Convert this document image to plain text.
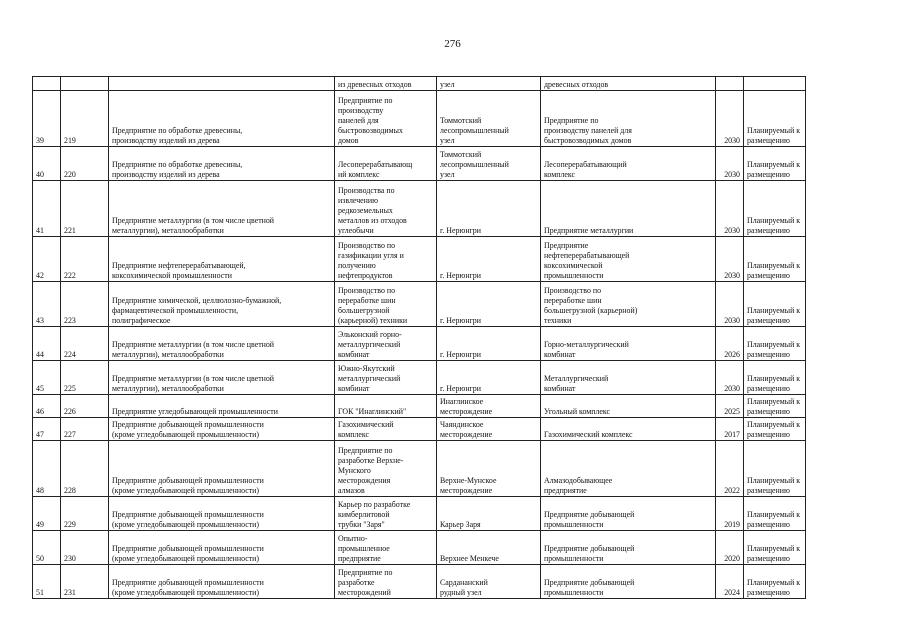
276
			из древесных отходов	узел	древесных отходов		
39	219	Предприятие по обработке древесины,
производству изделий из дерева	Предприятие по
производству
панелей для
быстровозводимых
домов	Томмотский
лесопромышленный
узел	Предприятие по
производству панелей для
быстровозводимых домов	2030	Планируемый к
размещению
40	220	Предприятие по обработке древесины,
производству изделий из дерева	Лесоперерабатывающ
ий комплекс	Томмотский
лесопромышленный
узел	Лесоперерабатывающий
комплекс	2030	Планируемый к
размещению
41	221	Предприятие металлургии (в том числе цветной
металлургии), металлообработки	Производства по
извлечению
редкоземельных
металлов из отходов
углеобычи	г. Нерюнгри	Предприятие металлургии	2030	Планируемый к
размещению
42	222	Предприятие нефтеперерабатывающей,
коксохимической промышленности	Производство по
газификации угля и
получению
нефтепродуктов	г. Нерюнгри	Предприятие
нефтеперерабатывающей
коксохимической
промышленности	2030	Планируемый к
размещению
43	223	Предприятие химической, целлюлозно-бумажной,
фармацевтической промышленности,
полиграфическое	Производство по
переработке шин
большегрузной
(карьерной) техники	г. Нерюнгри	Производство по
переработке шин
большегрузной (карьерной)
техники	2030	Планируемый к
размещению
44	224	Предприятие металлургии (в том числе цветной
металлургии), металлообработки	Эльконский горно-
металлургический
комбинат	г. Нерюнгри	Горно-металлургический
комбинат	2026	Планируемый к
размещению
45	225	Предприятие металлургии (в том числе цветной
металлургии), металлообработки	Южно-Якутский
металлургический
комбинат	г. Нерюнгри	Металлургический
комбинат	2030	Планируемый к
размещению
46	226	Предприятие угледобывающей промышленности	ГОК "Инаглинский"	Инаглинское
месторождение	Угольный комплекс	2025	Планируемый к
размещению
47	227	Предприятие добывающей промышленности
(кроме угледобывающей промышленности)	Газохимический
комплекс	Чаяндинское
месторождение	Газохимический комплекс	2017	Планируемый к
размещению
48	228	Предприятие добывающей промышленности
(кроме угледобывающей промышленности)	Предприятие по
разработке Верхне-
Мунского
месторождения
алмазов	Верхне-Мунское
месторождение	Алмазодобывающее
предприятие	2022	Планируемый к
размещению
49	229	Предприятие добывающей промышленности
(кроме угледобывающей промышленности)	Карьер по разработке
кимберлитовой
трубки "Заря"	Карьер Заря	Предприятие добывающей
промышленности	2019	Планируемый к
размещению
50	230	Предприятие добывающей промышленности
(кроме угледобывающей промышленности)	Опытно-
промышленное
предприятие	Верхнее Менкече	Предприятие добывающей
промышленности	2020	Планируемый к
размещению
51	231	Предприятие добывающей промышленности
(кроме угледобывающей промышленности)	Предприятие по
разработке
месторождений	Сардананский
рудный узел	Предприятие добывающей
промышленности	2024	Планируемый к
размещению
